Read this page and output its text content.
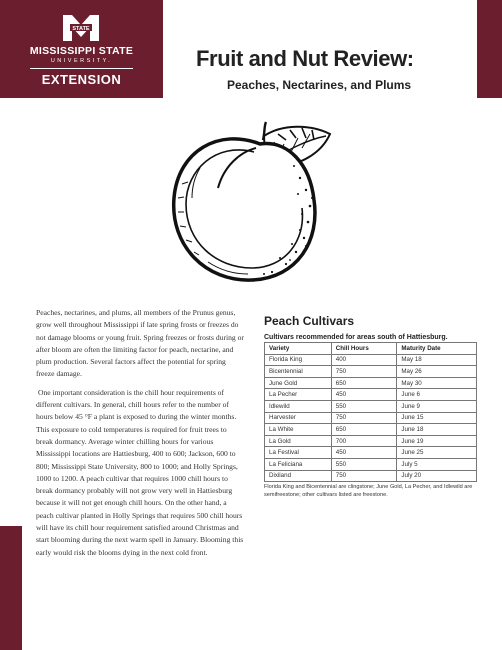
STATE
MISSISSIPPI STATE
UNIVERSITY.
EXTENSION
Fruit and Nut Review:
Peaches, Nectarines, and Plums

Peaches, nectarines, and plums, all members of the Prunus genus, grow well throughout Mississippi if late spring frosts or freezes do not damage blooms or young fruit. Spring freezes or frosts during or after bloom are often the limiting factor for peach, nectarine, and plum production. Several factors affect the potential for spring freeze damage.

One important consideration is the chill hour requirements of different cultivars. In general, chill hours refer to the number of hours below 45 °F a plant is exposed to during the winter months. This exposure to cold temperatures is required for fruit trees to break dormancy. Average winter chilling hours for various Mississippi locations are Hattiesburg, 400 to 600; Jackson, 600 to 800; Mississippi State University, 800 to 1000; and Holly Springs, 1000 to 1200. A peach cultivar that requires 1000 chill hours to break dormancy probably will not grow very well in Hattiesburg because it will not get enough chill hours. On the other hand, a peach cultivar planted in Holly Springs that requires 500 chill hours will have its chill hour requirement satisfied around Christmas and start blooming during the next warm spell in January. Blooming this early would risk the blooms dying in the next cold front.

Peach Cultivars
Cultivars recommended for areas south of Hattiesburg.
Variety	Chill Hours	Maturity Date
Florida King	400	May 18
Bicentennial	750	May 26
June Gold	650	May 30
La Pecher	450	June 6
Idlewild	550	June 9
Harvester	750	June 15
La White	650	June 18
La Gold	700	June 19
La Festival	450	June 25
La Feliciana	550	July 5
Dixiland	750	July 20
Florida King and Bicentennial are clingstone; June Gold, La Pecher, and Idlewild are semifreestone; other cultivars listed are freestone.
